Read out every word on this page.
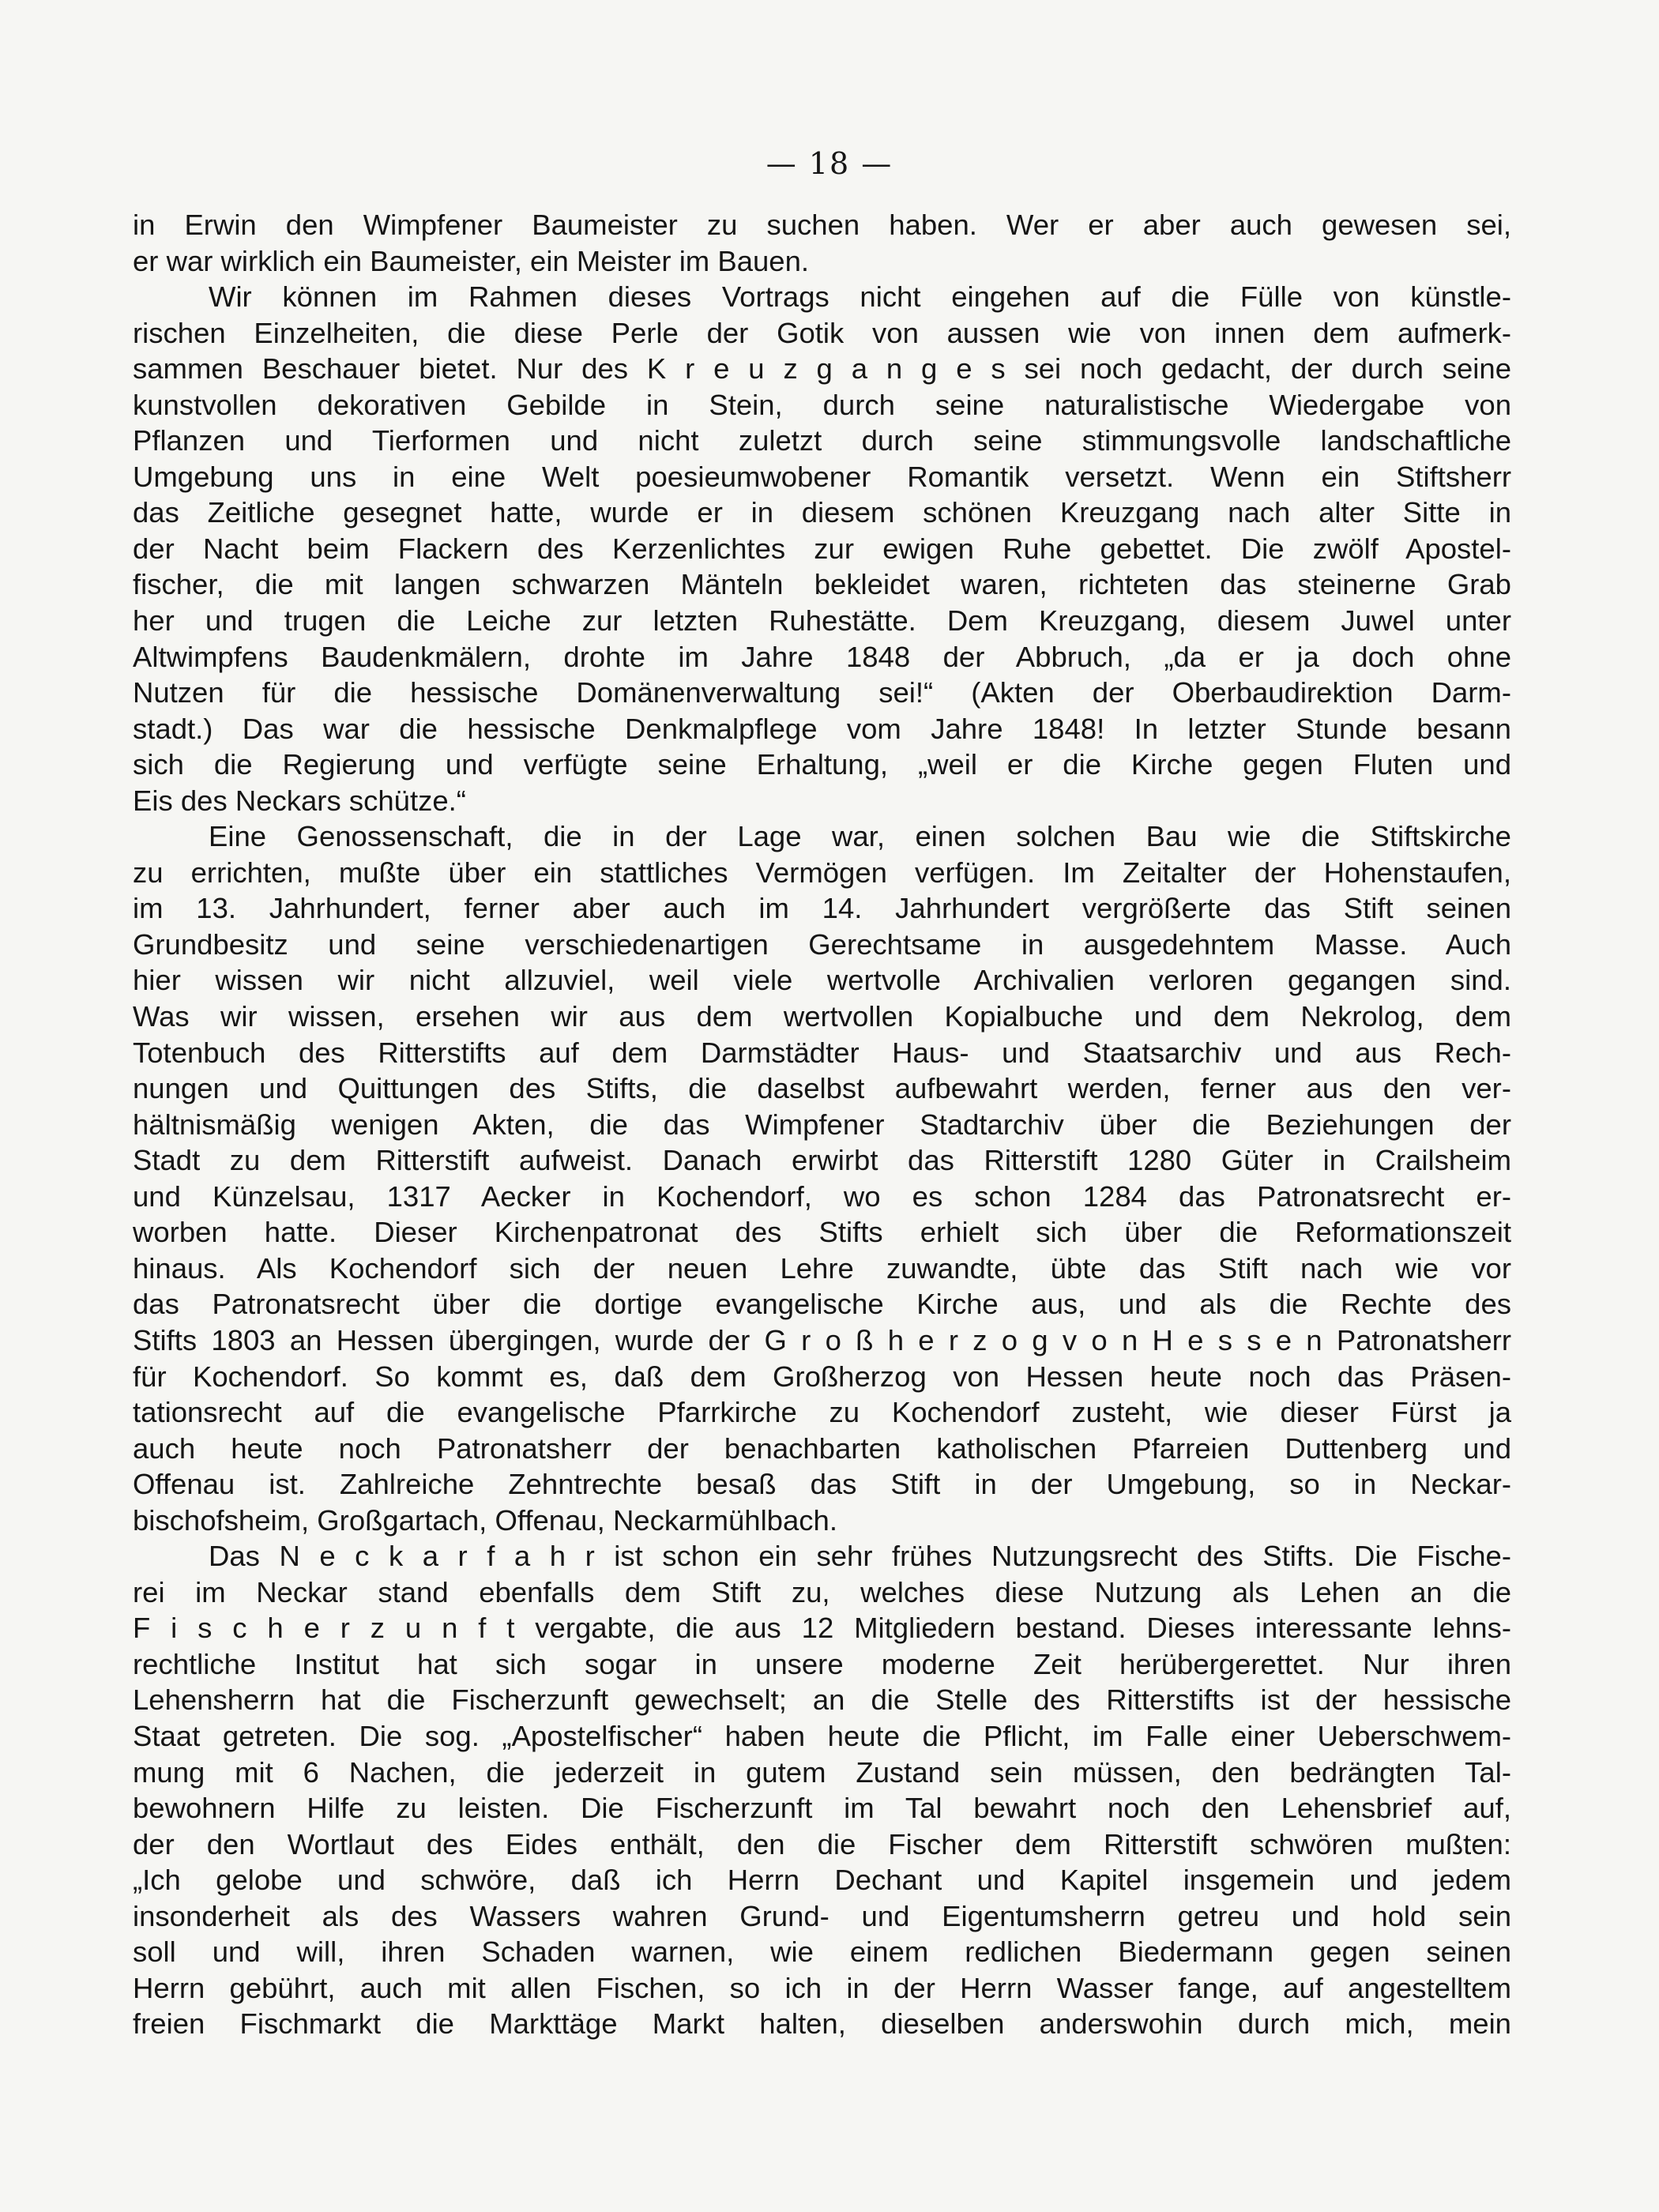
— 18 —
in Erwin den Wimpfener Baumeister zu suchen haben. Wer er aber auch gewesen sei,
er war wirklich ein Baumeister, ein Meister im Bauen.
Wir können im Rahmen dieses Vortrags nicht eingehen auf die Fülle von künstle-
rischen Einzelheiten, die diese Perle der Gotik von aussen wie von innen dem aufmerk-
sammen Beschauer bietet. Nur des K r e u z g a n g e s sei noch gedacht, der durch seine
kunstvollen dekorativen Gebilde in Stein, durch seine naturalistische Wiedergabe von
Pflanzen und Tierformen und nicht zuletzt durch seine stimmungsvolle landschaftliche
Umgebung uns in eine Welt poesieumwobener Romantik versetzt. Wenn ein Stiftsherr
das Zeitliche gesegnet hatte, wurde er in diesem schönen Kreuzgang nach alter Sitte in
der Nacht beim Flackern des Kerzenlichtes zur ewigen Ruhe gebettet. Die zwölf Apostel-
fischer, die mit langen schwarzen Mänteln bekleidet waren, richteten das steinerne Grab
her und trugen die Leiche zur letzten Ruhestätte. Dem Kreuzgang, diesem Juwel unter
Altwimpfens Baudenkmälern, drohte im Jahre 1848 der Abbruch, „da er ja doch ohne
Nutzen für die hessische Domänenverwaltung sei!“ (Akten der Oberbaudirektion Darm-
stadt.) Das war die hessische Denkmalpflege vom Jahre 1848! In letzter Stunde besann
sich die Regierung und verfügte seine Erhaltung, „weil er die Kirche gegen Fluten und
Eis des Neckars schütze.“
Eine Genossenschaft, die in der Lage war, einen solchen Bau wie die Stiftskirche
zu errichten, mußte über ein stattliches Vermögen verfügen. Im Zeitalter der Hohenstaufen,
im 13. Jahrhundert, ferner aber auch im 14. Jahrhundert vergrößerte das Stift seinen
Grundbesitz und seine verschiedenartigen Gerechtsame in ausgedehntem Masse. Auch
hier wissen wir nicht allzuviel, weil viele wertvolle Archivalien verloren gegangen sind.
Was wir wissen, ersehen wir aus dem wertvollen Kopialbuche und dem Nekrolog, dem
Totenbuch des Ritterstifts auf dem Darmstädter Haus- und Staatsarchiv und aus Rech-
nungen und Quittungen des Stifts, die daselbst aufbewahrt werden, ferner aus den ver-
hältnismäßig wenigen Akten, die das Wimpfener Stadtarchiv über die Beziehungen der
Stadt zu dem Ritterstift aufweist. Danach erwirbt das Ritterstift 1280 Güter in Crailsheim
und Künzelsau, 1317 Aecker in Kochendorf, wo es schon 1284 das Patronatsrecht er-
worben hatte. Dieser Kirchenpatronat des Stifts erhielt sich über die Reformationszeit
hinaus. Als Kochendorf sich der neuen Lehre zuwandte, übte das Stift nach wie vor
das Patronatsrecht über die dortige evangelische Kirche aus, und als die Rechte des
Stifts 1803 an Hessen übergingen, wurde der G r o ß h e r z o g v o n H e s s e n Patronatsherr
für Kochendorf. So kommt es, daß dem Großherzog von Hessen heute noch das Präsen-
tationsrecht auf die evangelische Pfarrkirche zu Kochendorf zusteht, wie dieser Fürst ja
auch heute noch Patronatsherr der benachbarten katholischen Pfarreien Duttenberg und
Offenau ist. Zahlreiche Zehntrechte besaß das Stift in der Umgebung, so in Neckar-
bischofsheim, Großgartach, Offenau, Neckarmühlbach.
Das N e c k a r f a h r ist schon ein sehr frühes Nutzungsrecht des Stifts. Die Fische-
rei im Neckar stand ebenfalls dem Stift zu, welches diese Nutzung als Lehen an die
F i s c h e r z u n f t vergabte, die aus 12 Mitgliedern bestand. Dieses interessante lehns-
rechtliche Institut hat sich sogar in unsere moderne Zeit herübergerettet. Nur ihren
Lehensherrn hat die Fischerzunft gewechselt; an die Stelle des Ritterstifts ist der hessische
Staat getreten. Die sog. „Apostelfischer“ haben heute die Pflicht, im Falle einer Ueberschwem-
mung mit 6 Nachen, die jederzeit in gutem Zustand sein müssen, den bedrängten Tal-
bewohnern Hilfe zu leisten. Die Fischerzunft im Tal bewahrt noch den Lehensbrief auf,
der den Wortlaut des Eides enthält, den die Fischer dem Ritterstift schwören mußten:
„Ich gelobe und schwöre, daß ich Herrn Dechant und Kapitel insgemein und jedem
insonderheit als des Wassers wahren Grund- und Eigentumsherrn getreu und hold sein
soll und will, ihren Schaden warnen, wie einem redlichen Biedermann gegen seinen
Herrn gebührt, auch mit allen Fischen, so ich in der Herrn Wasser fange, auf angestelltem
freien Fischmarkt die Markttäge Markt halten, dieselben anderswohin durch mich, mein
